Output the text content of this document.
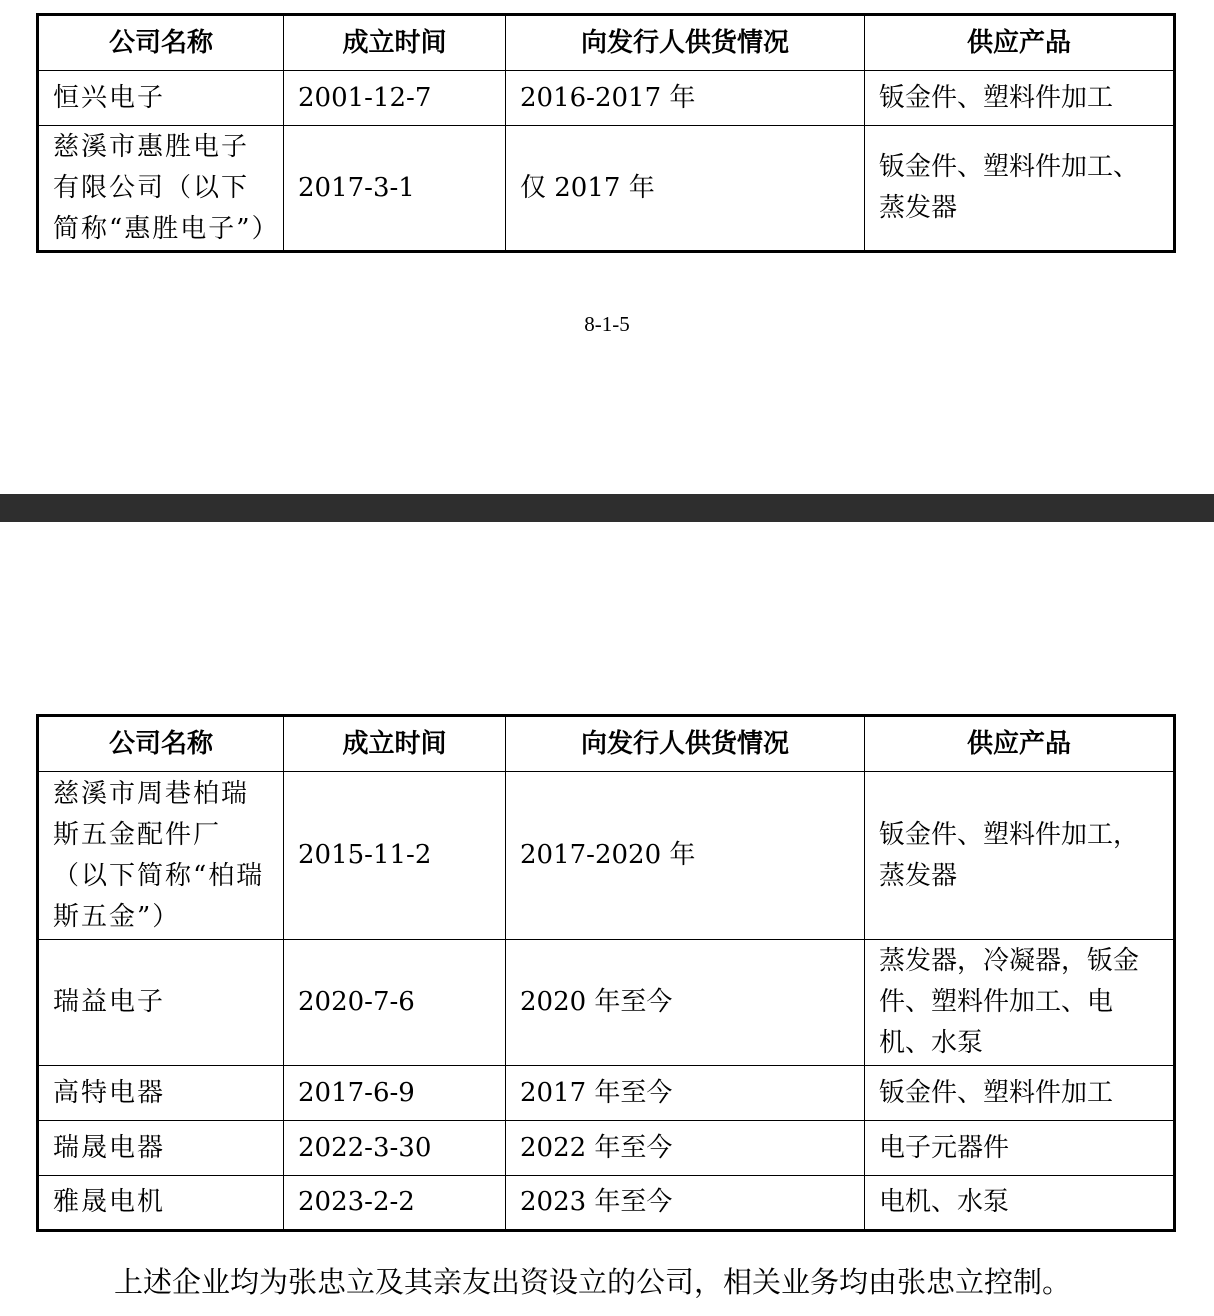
公司名称	成立时间	向发行人供货情况	供应产品
恒兴电子	2001-12-7	2016-2017 年	钣金件、塑料件加工
慈溪市惠胜电子有限公司（以下简称“惠胜电子”）	2017-3-1	仅 2017 年	钣金件、塑料件加工、蒸发器
8-1-5
公司名称	成立时间	向发行人供货情况	供应产品
慈溪市周巷柏瑞斯五金配件厂（以下简称“柏瑞斯五金”）	2015-11-2	2017-2020 年	钣金件、塑料件加工，蒸发器
瑞益电子	2020-7-6	2020 年至今	蒸发器，冷凝器，钣金件、塑料件加工、电机、水泵
高特电器	2017-6-9	2017 年至今	钣金件、塑料件加工
瑞晟电器	2022-3-30	2022 年至今	电子元器件
雅晟电机	2023-2-2	2023 年至今	电机、水泵
上述企业均为张忠立及其亲友出资设立的公司，相关业务均由张忠立控制。
